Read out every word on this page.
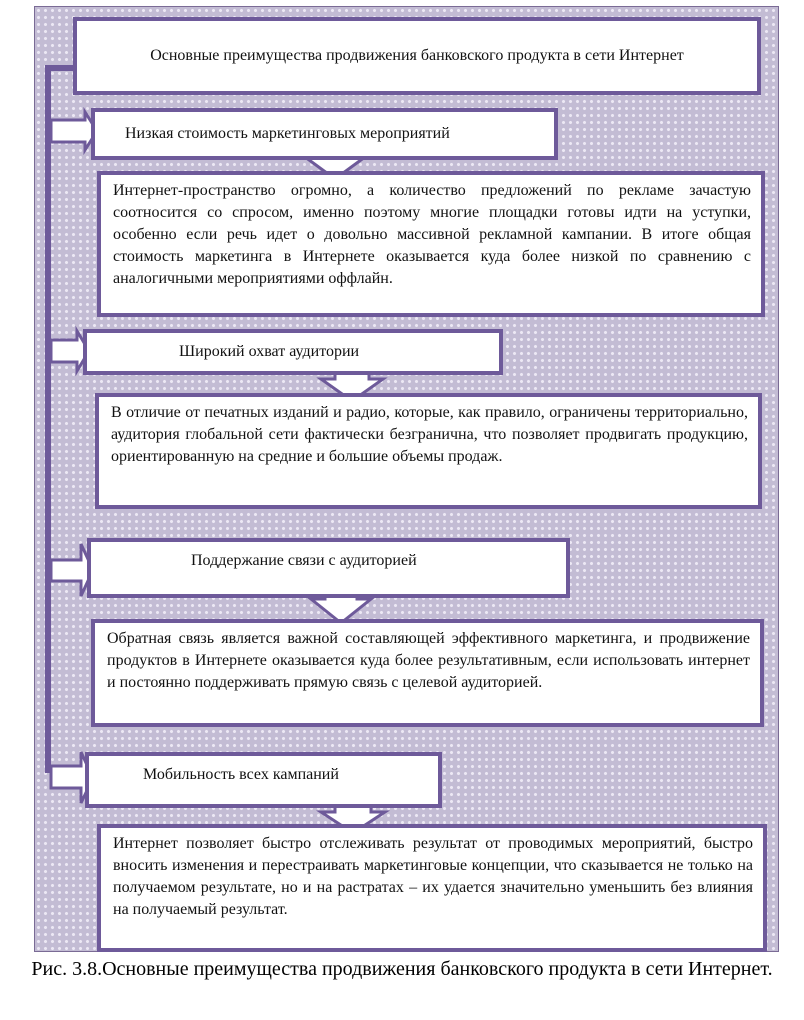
Основные преимущества продвижения банковского продукта в сети Интернет
Низкая стоимость маркетинговых мероприятий
Интернет-пространство огромно, а количество предложений по рекламе зачастую соотносится со спросом, именно поэтому многие площадки готовы идти на уступки, особенно если речь идет о довольно массивной рекламной кампании. В итоге общая стоимость маркетинга в Интернете оказывается куда более низкой по сравнению с аналогичными мероприятиями оффлайн.
Широкий охват аудитории
В отличие от печатных изданий и радио, которые, как правило, ограничены территориально, аудитория глобальной сети фактически безгранична, что позволяет продвигать продукцию, ориентированную на средние и большие объемы продаж.
Поддержание связи с аудиторией
Обратная связь является важной составляющей эффективного маркетинга, и продвижение продуктов в Интернете оказывается куда более результативным, если использовать интернет и постоянно поддерживать прямую связь с целевой аудиторией.
Мобильность всех кампаний
Интернет позволяет быстро отслеживать результат от проводимых мероприятий, быстро вносить изменения и перестраивать маркетинговые концепции, что сказывается не только на получаемом результате, но и на растратах – их удается значительно уменьшить без влияния на получаемый результат.
Рис. 3.8.Основные преимущества продвижения банковского продукта в сети Интернет.
